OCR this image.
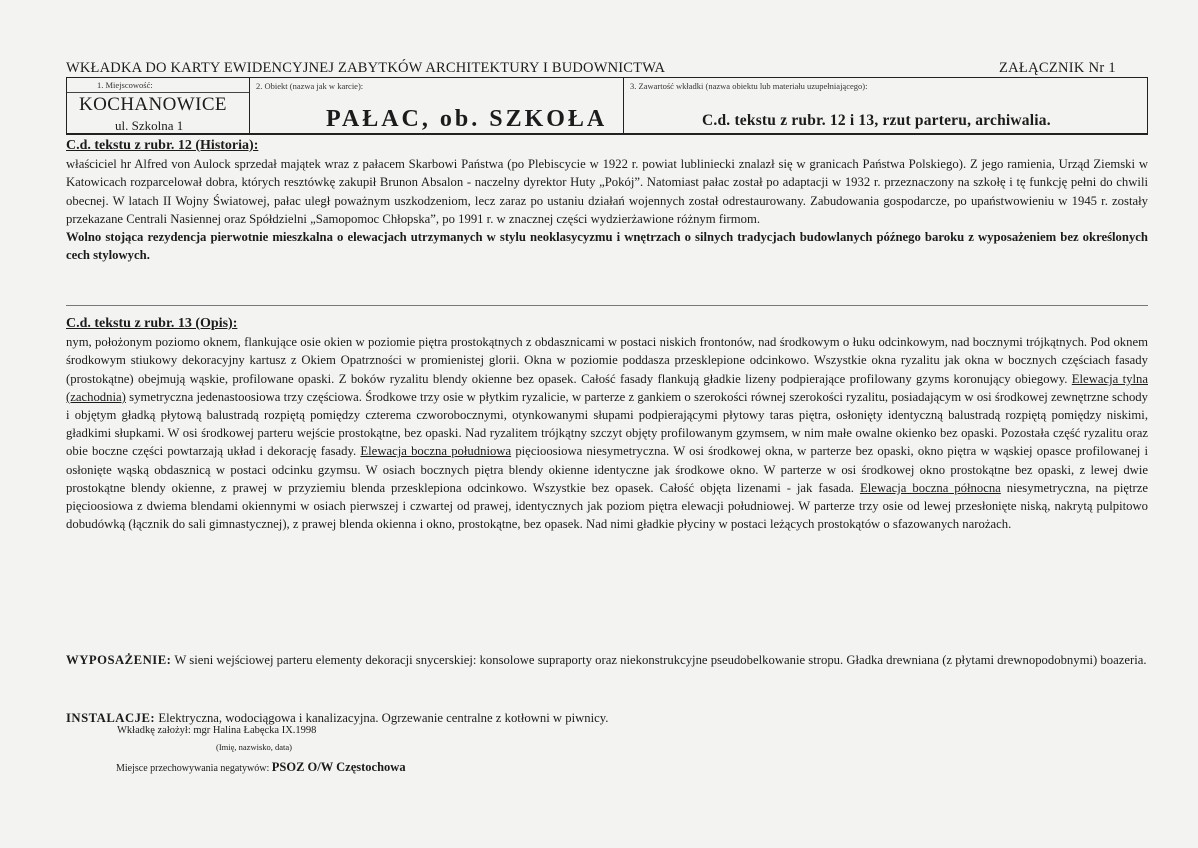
WKŁADKA DO KARTY EWIDENCYJNEJ ZABYTKÓW ARCHITEKTURY I BUDOWNICTWA	ZAŁĄCZNIK Nr 1
1. Miejscowość:
KOCHANOWICE
ul. Szkolna 1
2. Obiekt (nazwa jak w karcie):
PAŁAC, ob. SZKOŁA
3. Zawartość wkładki (nazwa obiektu lub materiału uzupełniającego):
C.d. tekstu z rubr. 12 i 13, rzut parteru, archiwalia.
C.d. tekstu z rubr. 12 (Historia):
właściciel hr Alfred von Aulock sprzedał majątek wraz z pałacem Skarbowi Państwa (po Plebiscycie w 1922 r. powiat lubliniecki znalazł się w granicach Państwa Polskiego). Z jego ramienia, Urząd Ziemski w Katowicach rozparcelował dobra, których resztówkę zakupił Brunon Absalon - naczelny dyrektor Huty „Pokój”. Natomiast pałac został po adaptacji w 1932 r. przeznaczony na szkołę i tę funkcję pełni do chwili obecnej. W latach II Wojny Światowej, pałac uległ poważnym uszkodzeniom, lecz zaraz po ustaniu działań wojennych został odrestaurowany. Zabudowania gospodarcze, po upaństwowieniu w 1945 r. zostały przekazane Centrali Nasiennej oraz Spółdzielni „Samopomoc Chłopska”, po 1991 r. w znacznej części wydzierżawione różnym firmom.
Wolno stojąca rezydencja pierwotnie mieszkalna o elewacjach utrzymanych w stylu neoklasycyzmu i wnętrzach o silnych tradycjach budowlanych późnego baroku z wyposażeniem bez określonych cech stylowych.
C.d. tekstu z rubr. 13 (Opis):
nym, położonym poziomo oknem, flankujące osie okien w poziomie piętra prostokątnych z obdasznicami w postaci niskich frontonów, nad środkowym o łuku odcinkowym, nad bocznymi trójkątnych. Pod oknem środkowym stiukowy dekoracyjny kartusz z Okiem Opatrzności w promienistej glorii. Okna w poziomie poddasza przesklepione odcinkowo. Wszystkie okna ryzalitu jak okna w bocznych częściach fasady (prostokątne) obejmują wąskie, profilowane opaski. Z boków ryzalitu blendy okienne bez opasek. Całość fasady flankują gładkie lizeny podpierające profilowany gzyms koronujący obiegowy. Elewacja tylna (zachodnia) symetryczna jedenastoosiowa trzy częściowa. Środkowe trzy osie w płytkim ryzalicie, w parterze z gankiem o szerokości równej szerokości ryzalitu, posiadającym w osi środkowej zewnętrzne schody i objętym gładką płytową balustradą rozpiętą pomiędzy czterema czworobocznymi, otynkowanymi słupami podpierającymi płytowy taras piętra, osłonięty identyczną balustradą rozpiętą pomiędzy niskimi, gładkimi słupkami. W osi środkowej parteru wejście prostokątne, bez opaski. Nad ryzalitem trójkątny szczyt objęty profilowanym gzymsem, w nim małe owalne okienko bez opaski. Pozostała część ryzalitu oraz obie boczne części powtarzają układ i dekorację fasady. Elewacja boczna południowa pięcioosiowa niesymetryczna. W osi środkowej okna, w parterze bez opaski, okno piętra w wąskiej opasce profilowanej i osłonięte wąską obdasznicą w postaci odcinku gzymsu. W osiach bocznych piętra blendy okienne identyczne jak środkowe okno. W parterze w osi środkowej okno prostokątne bez opaski, z lewej dwie prostokątne blendy okienne, z prawej w przyziemiu blenda przesklepiona odcinkowo. Wszystkie bez opasek. Całość objęta lizenami - jak fasada. Elewacja boczna północna niesymetryczna, na piętrze pięcioosiowa z dwiema blendami okiennymi w osiach pierwszej i czwartej od prawej, identycznych jak poziom piętra elewacji południowej. W parterze trzy osie od lewej przesłonięte niską, nakrytą pulpitowo dobudówką (łącznik do sali gimnastycznej), z prawej blenda okienna i okno, prostokątne, bez opasek. Nad nimi gładkie płyciny w postaci leżących prostokątów o sfazowanych narożach.
WYPOSAŻENIE: W sieni wejściowej parteru elementy dekoracji snycerskiej: konsolowe supraporty oraz niekonstrukcyjne pseudobelkowanie stropu. Gładka drewniana (z płytami drewnopodobnymi) boazeria.
INSTALACJE: Elektryczna, wodociągowa i kanalizacyjna. Ogrzewanie centralne z kotłowni w piwnicy.
Wkładkę założył: mgr Halina Łabęcka IX.1998
(Imię, nazwisko, data)
Miejsce przechowywania negatywów: PSOZ O/W Częstochowa
